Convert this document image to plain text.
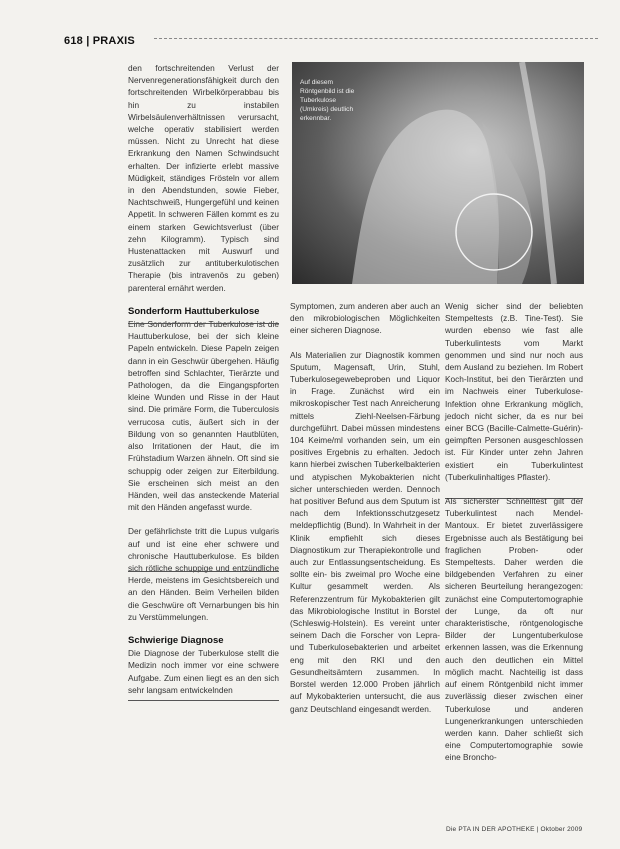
618 | PRAXIS

den fortschreitenden Verlust der Nervenregenerationsfähigkeit durch den fortschreitenden Wirbelkörperabbau bis hin zu instabilen Wirbelsäulenverhältnissen verursacht, welche operativ stabilisiert werden müssen. Nicht zu Unrecht hat diese Erkrankung den Namen Schwindsucht erhalten. Der infizierte erlebt massive Müdigkeit, ständiges Frösteln vor allem in den Abendstunden, sowie Fieber, Nachtschweiß, Hungergefühl und keinen Appetit. In schweren Fällen kommt es zu einem starken Gewichtsverlust (über zehn Kilogramm). Typisch sind Hustenattacken mit Auswurf und zusätzlich zur antituberkulotischen Therapie (bis intravenös zu geben) parenteral ernährt werden.

Sonderform Hauttuberkulose

Eine Sonderform der Tuberkulose ist die Hauttuberkulose, bei der sich kleine Papeln entwickeln. Diese Papeln zeigen dann in ein Geschwür übergehen. Häufig betroffen sind Schlachter, Tierärzte und Pathologen, da die Eingangspforten kleine Wunden und Risse in der Haut sind. Die primäre Form, die Tuberculosis verrucosa cutis, äußert sich in der Bildung von so genannten Hautblüten, also Irritationen der Haut, die im Frühstadium Warzen ähneln. Oft sind sie schuppig oder zeigen zur Eiterbildung. Sie erscheinen sich meist an den Händen, weil das ansteckende Material mit den Händen angefasst wurde.

Der gefährlichste tritt die Lupus vulgaris auf und ist eine eher schwere und chronische Hauttuberkulose. Es bilden sich rötliche schuppige und entzündliche Herde, meistens im Gesichtsbereich und an den Händen. Beim Verheilen bilden die Geschwüre oft Vernarbungen bis hin zu Verstümmelungen.

Schwierige Diagnose

Die Diagnose der Tuberkulose stellt die Medizin noch immer vor eine schwere Aufgabe. Zum einen liegt es an den sich sehr langsam entwickelnden

Auf diesem Röntgenbild ist die Tuberkulose (Umkreis) deutlich erkennbar.

Symptomen, zum anderen aber auch an den mikrobiologischen Möglichkeiten einer sicheren Diagnose.

Als Materialien zur Diagnostik kommen Sputum, Magensaft, Urin, Stuhl, Tuberkulosegewebeproben und Liquor in Frage. Zunächst wird ein mikroskopischer Test nach Anreicherung mittels Ziehl-Neelsen-Färbung durchgeführt. Dabei müssen mindestens 104 Keime/ml vorhanden sein, um ein positives Ergebnis zu erhalten. Jedoch kann hierbei zwischen Tuberkelbakterien und atypischen Mykobakterien nicht sicher unterschieden werden. Dennoch hat positiver Befund aus dem Sputum ist nach dem Infektionsschutzgesetz meldepflichtig (Bund). In Wahrheit in der Klinik empfiehlt sich dieses Diagnostikum zur Therapiekontrolle und auch zur Entlassungsentscheidung. Es sollte ein- bis zweimal pro Woche eine Kultur gesammelt werden. Als Referenzzentrum für Mykobakterien gilt das Mikrobiologische Institut in Borstel (Schleswig-Holstein). Es vereint unter seinem Dach die Forscher von Lepra- und Tuberkulosebakterien und arbeitet eng mit den RKI und den Gesundheitsämtern zusammen. In Borstel werden 12.000 Proben jährlich auf Mykobakterien untersucht, die aus ganz Deutschland eingesandt werden.

Wenig sicher sind der beliebten Stempeltests (z.B. Tine-Test). Sie wurden ebenso wie fast alle Tuberkulintests vom Markt genommen und sind nur noch aus dem Ausland zu beziehen. Im Robert Koch-Institut, bei den Tierärzten und im Nachweis einer Tuberkulose-Infektion ohne Erkrankung möglich, jedoch nicht sicher, da es nur bei einer BCG (Bacille-Calmette-Guérin)-geimpften Personen ausgeschlossen ist. Für Kinder unter zehn Jahren existiert ein Tuberkulintest (Tuberkulinhaltiges Pflaster).

Als sicherster Schnelltest gilt der Tuberkulintest nach Mendel-Mantoux. Er bietet zuverlässigere Ergebnisse auch als Bestätigung bei fraglichen Proben- oder Stempeltests. Daher werden die bildgebenden Verfahren zu einer sicheren Beurteilung herangezogen: zunächst eine Computertomographie der Lunge, da oft nur charakteristische, röntgenologische Bilder der Lungentuberkulose erkennen lassen, was die Erkennung auch den deutlichen ein Mittel möglich macht. Nachteilig ist dass auf einem Röntgenbild nicht immer zuverlässig dieser zwischen einer Tuberkulose und anderen Lungenerkrankungen unterschieden werden kann. Daher schließt sich eine Computertomographie sowie eine Broncho-

Die PTA IN DER APOTHEKE | Oktober 2009
